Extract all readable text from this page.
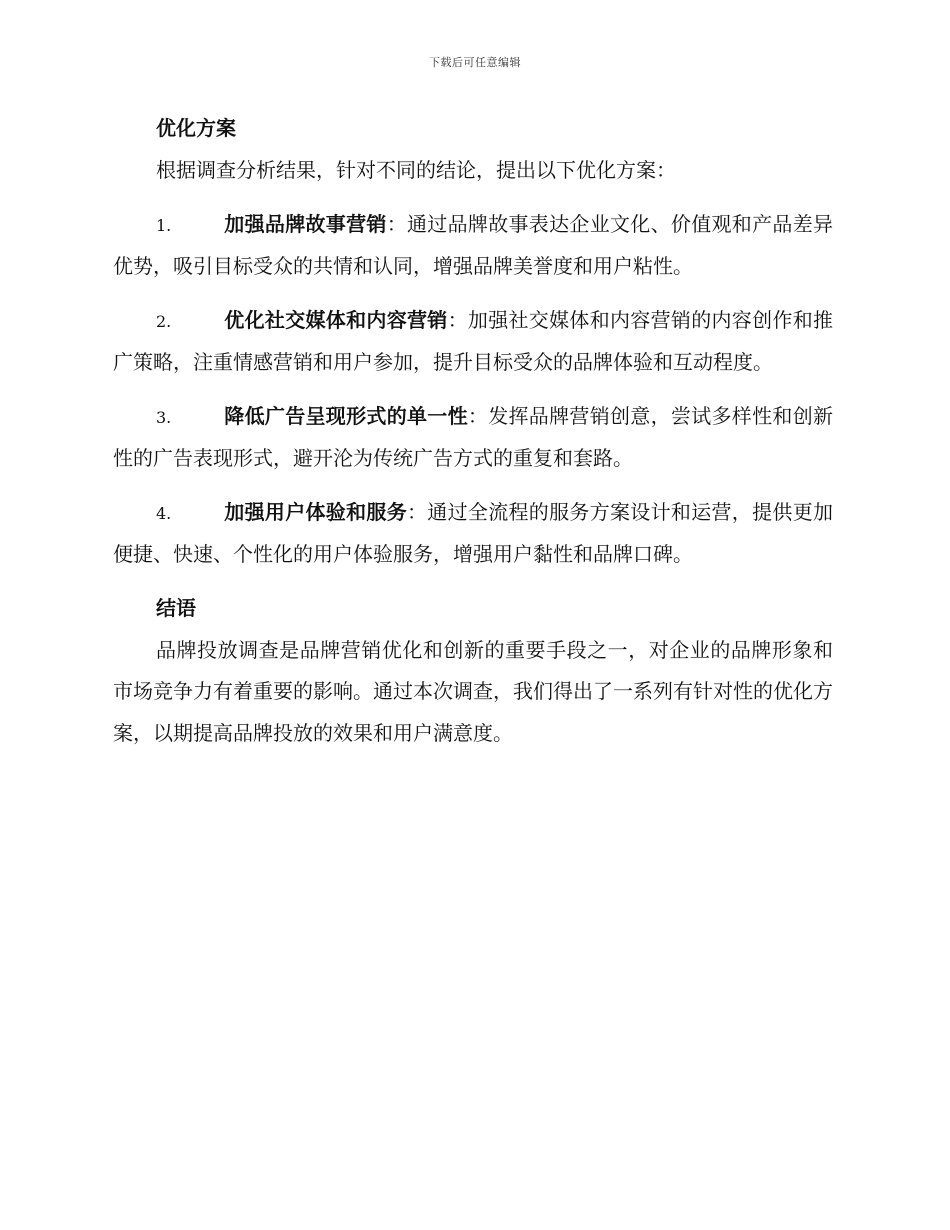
下载后可任意编辑
优化方案

根据调查分析结果，针对不同的结论，提出以下优化方案：

1.	加强品牌故事营销：通过品牌故事表达企业文化、价值观和产品差异优势，吸引目标受众的共情和认同，增强品牌美誉度和用户粘性。

2.	优化社交媒体和内容营销：加强社交媒体和内容营销的内容创作和推广策略，注重情感营销和用户参加，提升目标受众的品牌体验和互动程度。

3.	降低广告呈现形式的单一性：发挥品牌营销创意，尝试多样性和创新性的广告表现形式，避开沦为传统广告方式的重复和套路。

4.	加强用户体验和服务：通过全流程的服务方案设计和运营，提供更加便捷、快速、个性化的用户体验服务，增强用户黏性和品牌口碑。

结语

品牌投放调查是品牌营销优化和创新的重要手段之一，对企业的品牌形象和市场竞争力有着重要的影响。通过本次调查，我们得出了一系列有针对性的优化方案，以期提高品牌投放的效果和用户满意度。
